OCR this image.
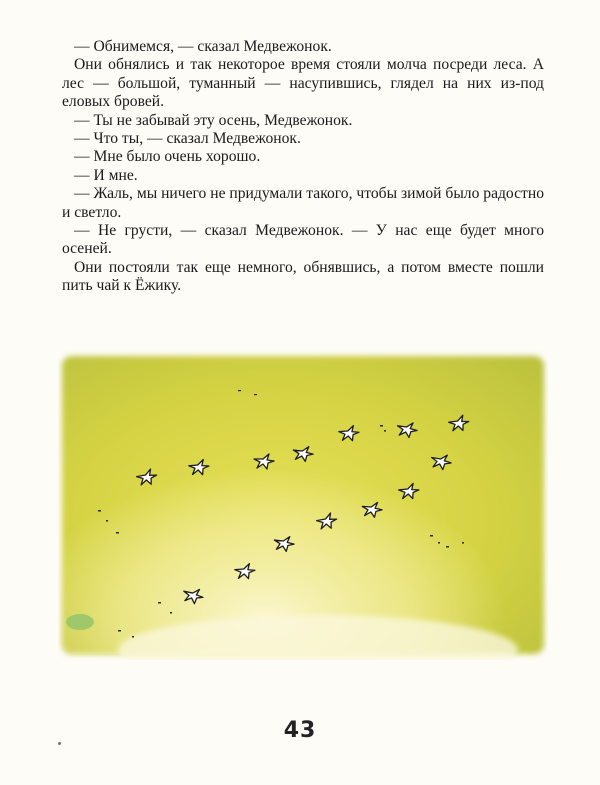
— Обнимемся, — сказал Медвежонок.

Они обнялись и так некоторое время стояли молча посреди леса. А лес — большой, туманный — насупившись, глядел на них из-под еловых бровей.

— Ты не забывай эту осень, Медвежонок.

— Что ты, — сказал Медвежонок.

— Мне было очень хорошо.

— И мне.

— Жаль, мы ничего не придумали такого, чтобы зимой было радостно и светло.

— Не грусти, — сказал Медвежонок. — У нас еще будет много осеней.

Они постояли так еще немного, обнявшись, а потом вместе пошли пить чай к Ёжику.

43
